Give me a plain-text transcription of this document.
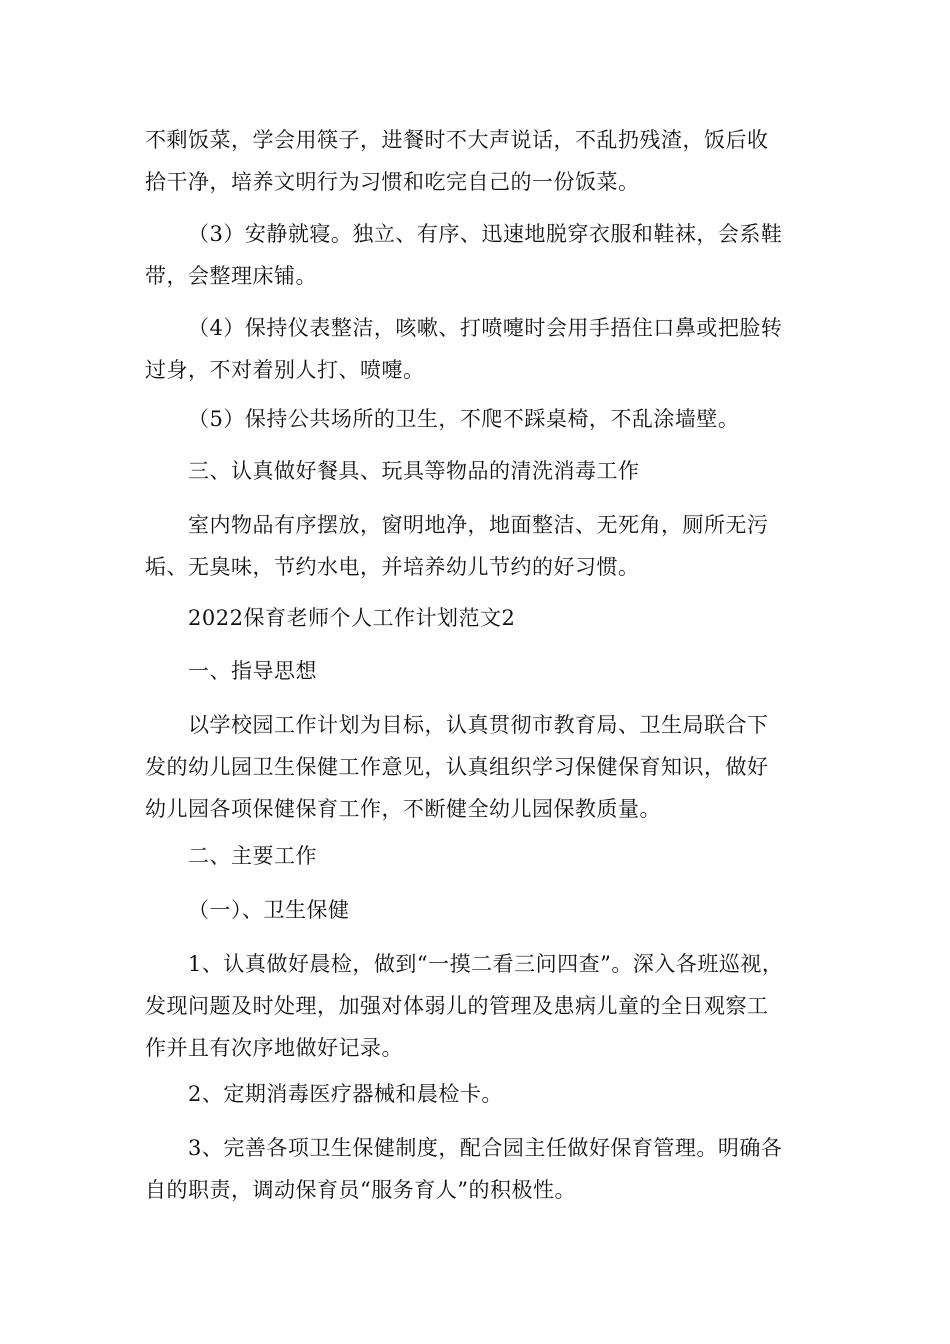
不剩饭菜，学会用筷子，进餐时不大声说话，不乱扔残渣，饭后收
拾干净，培养文明行为习惯和吃完自己的一份饭菜。

（3）安静就寝。独立、有序、迅速地脱穿衣服和鞋袜，会系鞋
带，会整理床铺。

（4）保持仪表整洁，咳嗽、打喷嚏时会用手捂住口鼻或把脸转
过身，不对着别人打、喷嚏。

（5）保持公共场所的卫生，不爬不踩桌椅，不乱涂墙壁。

三、认真做好餐具、玩具等物品的清洗消毒工作

室内物品有序摆放，窗明地净，地面整洁、无死角，厕所无污
垢、无臭味，节约水电，并培养幼儿节约的好习惯。

2022保育老师个人工作计划范文2

一、指导思想

以学校园工作计划为目标，认真贯彻市教育局、卫生局联合下
发的幼儿园卫生保健工作意见，认真组织学习保健保育知识，做好
幼儿园各项保健保育工作，不断健全幼儿园保教质量。

二、主要工作

（一）、卫生保健

1、认真做好晨检，做到“一摸二看三问四查”。深入各班巡视，
发现问题及时处理，加强对体弱儿的管理及患病儿童的全日观察工
作并且有次序地做好记录。

2、定期消毒医疗器械和晨检卡。

3、完善各项卫生保健制度，配合园主任做好保育管理。明确各
自的职责，调动保育员“服务育人”的积极性。
